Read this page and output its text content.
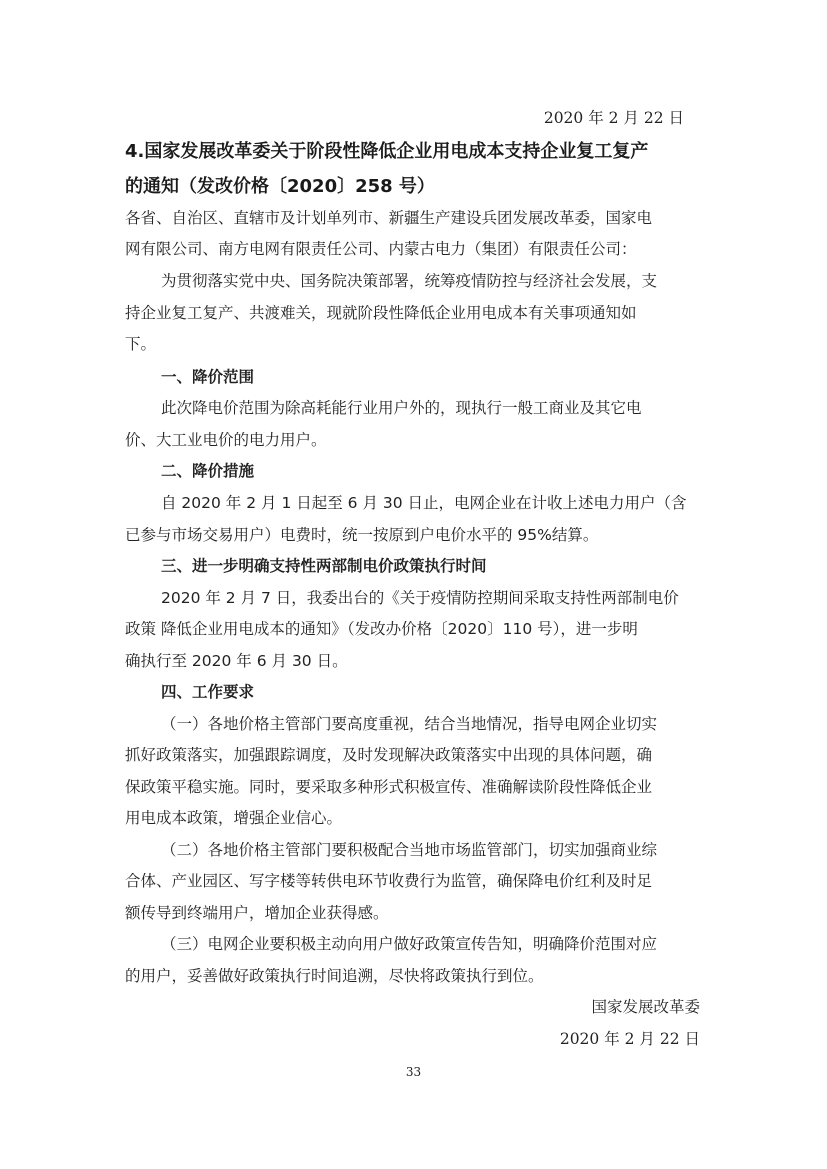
2020 年 2 月 22 日
4.国家发展改革委关于阶段性降低企业用电成本支持企业复工复产
的通知（发改价格〔2020〕258 号）
各省、自治区、直辖市及计划单列市、新疆生产建设兵团发展改革委，国家电
网有限公司、南方电网有限责任公司、内蒙古电力（集团）有限责任公司：
为贯彻落实党中央、国务院决策部署，统筹疫情防控与经济社会发展，支
持企业复工复产、共渡难关，现就阶段性降低企业用电成本有关事项通知如
下。
一、降价范围
此次降电价范围为除高耗能行业用户外的，现执行一般工商业及其它电
价、大工业电价的电力用户。
二、降价措施
自 2020 年 2 月 1 日起至 6 月 30 日止，电网企业在计收上述电力用户（含
已参与市场交易用户）电费时，统一按原到户电价水平的 95%结算。
三、进一步明确支持性两部制电价政策执行时间
2020 年 2 月 7 日，我委出台的《关于疫情防控期间采取支持性两部制电价
政策 降低企业用电成本的通知》（发改办价格〔2020〕110 号），进一步明
确执行至 2020 年 6 月 30 日。
四、工作要求
（一）各地价格主管部门要高度重视，结合当地情况，指导电网企业切实
抓好政策落实，加强跟踪调度，及时发现解决政策落实中出现的具体问题，确
保政策平稳实施。同时，要采取多种形式积极宣传、准确解读阶段性降低企业
用电成本政策，增强企业信心。
（二）各地价格主管部门要积极配合当地市场监管部门，切实加强商业综
合体、产业园区、写字楼等转供电环节收费行为监管，确保降电价红利及时足
额传导到终端用户，增加企业获得感。
（三）电网企业要积极主动向用户做好政策宣传告知，明确降价范围对应
的用户，妥善做好政策执行时间追溯，尽快将政策执行到位。
国家发展改革委
2020 年 2 月 22 日
33
